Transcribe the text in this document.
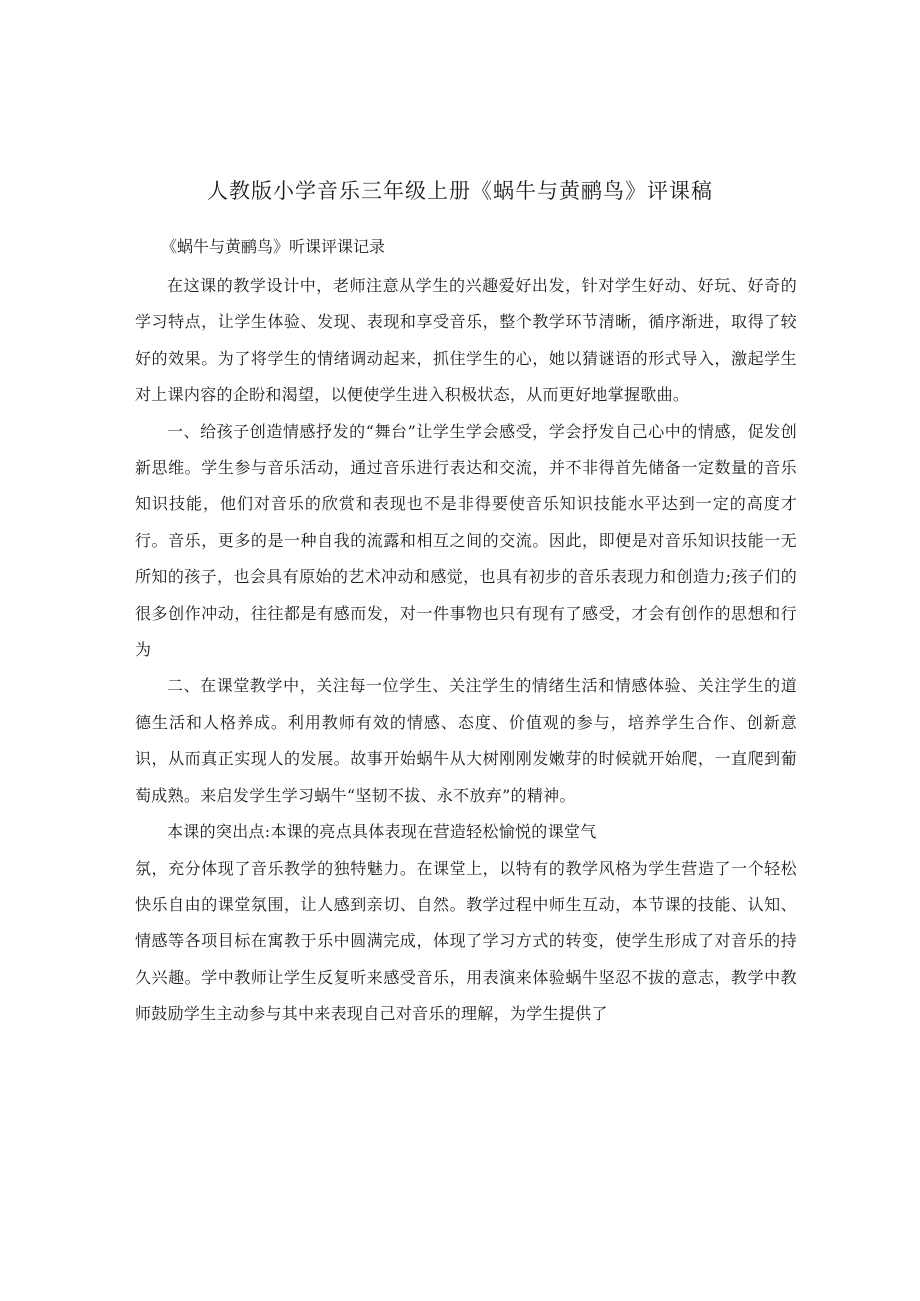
人教版小学音乐三年级上册《蜗牛与黄鹂鸟》评课稿

《蜗牛与黄鹂鸟》听课评课记录

在这课的教学设计中，老师注意从学生的兴趣爱好出发，针对学生好动、好玩、好奇的学习特点，让学生体验、发现、表现和享受音乐，整个教学环节清晰，循序渐进，取得了较好的效果。为了将学生的情绪调动起来，抓住学生的心，她以猜谜语的形式导入，激起学生对上课内容的企盼和渴望，以便使学生进入积极状态，从而更好地掌握歌曲。

一、给孩子创造情感抒发的“舞台”让学生学会感受，学会抒发自己心中的情感，促发创新思维。学生参与音乐活动，通过音乐进行表达和交流，并不非得首先储备一定数量的音乐知识技能，他们对音乐的欣赏和表现也不是非得要使音乐知识技能水平达到一定的高度才行。音乐，更多的是一种自我的流露和相互之间的交流。因此，即便是对音乐知识技能一无所知的孩子，也会具有原始的艺术冲动和感觉，也具有初步的音乐表现力和创造力;孩子们的很多创作冲动，往往都是有感而发，对一件事物也只有现有了感受，才会有创作的思想和行为

二、在课堂教学中，关注每一位学生、关注学生的情绪生活和情感体验、关注学生的道德生活和人格养成。利用教师有效的情感、态度、价值观的参与，培养学生合作、创新意识，从而真正实现人的发展。故事开始蜗牛从大树刚刚发嫩芽的时候就开始爬，一直爬到葡萄成熟。来启发学生学习蜗牛“坚韧不拔、永不放弃”的精神。

本课的突出点:本课的亮点具体表现在营造轻松愉悦的课堂气

氛，充分体现了音乐教学的独特魅力。在课堂上，以特有的教学风格为学生营造了一个轻松快乐自由的课堂氛围，让人感到亲切、自然。教学过程中师生互动，本节课的技能、认知、情感等各项目标在寓教于乐中圆满完成，体现了学习方式的转变，使学生形成了对音乐的持久兴趣。学中教师让学生反复听来感受音乐，用表演来体验蜗牛坚忍不拔的意志，教学中教师鼓励学生主动参与其中来表现自己对音乐的理解，为学生提供了
